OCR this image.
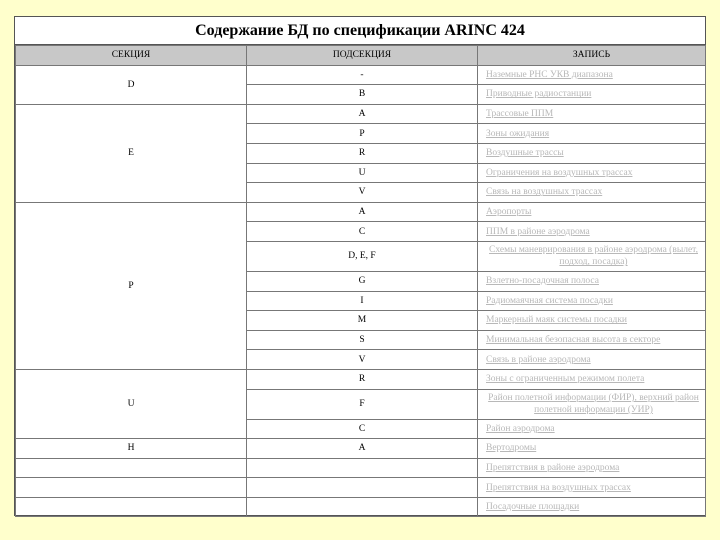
Содержание БД по спецификации ARINC 424
СЕКЦИЯ	ПОДСЕКЦИЯ	ЗАПИСЬ
D	-	Наземные РНС УКВ диапазона
	B	Приводные радиостанции
E	A	Трассовые ППМ
	P	Зоны ожидания
	R	Воздушные трассы
	U	Ограничения на воздушных трассах
	V	Связь на воздушных трассах
P	A	Аэропорты
	C	ППМ в районе аэродрома
	D, E, F	Схемы маневрирования в районе аэродрома (вылет, подход, посадка)
	G	Взлетно-посадочная полоса
	I	Радиомаячная система посадки
	M	Маркерный маяк системы посадки
	S	Минимальная безопасная высота в секторе
	V	Связь в районе аэродрома
U	R	Зоны с ограниченным режимом полета
	F	Район полетной информации (ФИР), верхний район полетной информации (УИР)
	C	Район аэродрома
H	A	Вертодромы
		Препятствия в районе аэродрома
		Препятствия на воздушных трассах
		Посадочные площадки
